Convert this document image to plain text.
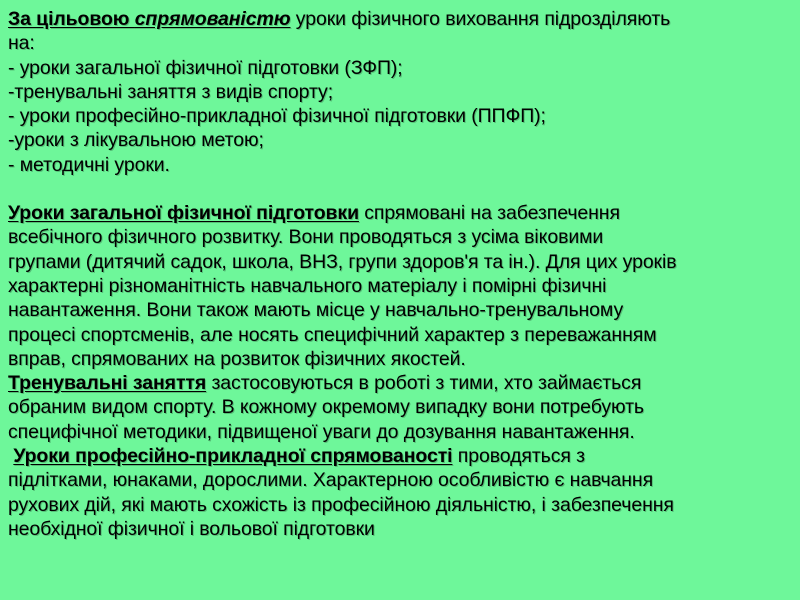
За цільовою спрямованістю уроки фізичного виховання підрозділяють
на:
- уроки загальної фізичної підготовки (ЗФП);
-тренувальні заняття з видів спорту;
- уроки професійно-прикладної фізичної підготовки (ППФП);
-уроки з лікувальною метою;
- методичні уроки.
Уроки загальної фізичної підготовки спрямовані на забезпечення
всебічного фізичного розвитку. Вони проводяться з усіма віковими
групами (дитячий садок, школа, ВНЗ, групи здоров'я та ін.). Для цих уроків
характерні різноманітність навчального матеріалу і помірні фізичні
навантаження. Вони також мають місце у навчально-тренувальному
процесі спортсменів, але носять специфічний характер з переважанням
вправ, спрямованих на розвиток фізичних якостей.
Тренувальні заняття застосовуються в роботі з тими, хто займається
обраним видом спорту. В кожному окремому випадку вони потребують
специфічної методики, підвищеної уваги до дозування навантаження.
Уроки професійно-прикладної спрямованості проводяться з
підлітками, юнаками, дорослими. Характерною особливістю є навчання
рухових дій, які мають схожість із професійною діяльністю, і забезпечення
необхідної фізичної і вольової підготовки
